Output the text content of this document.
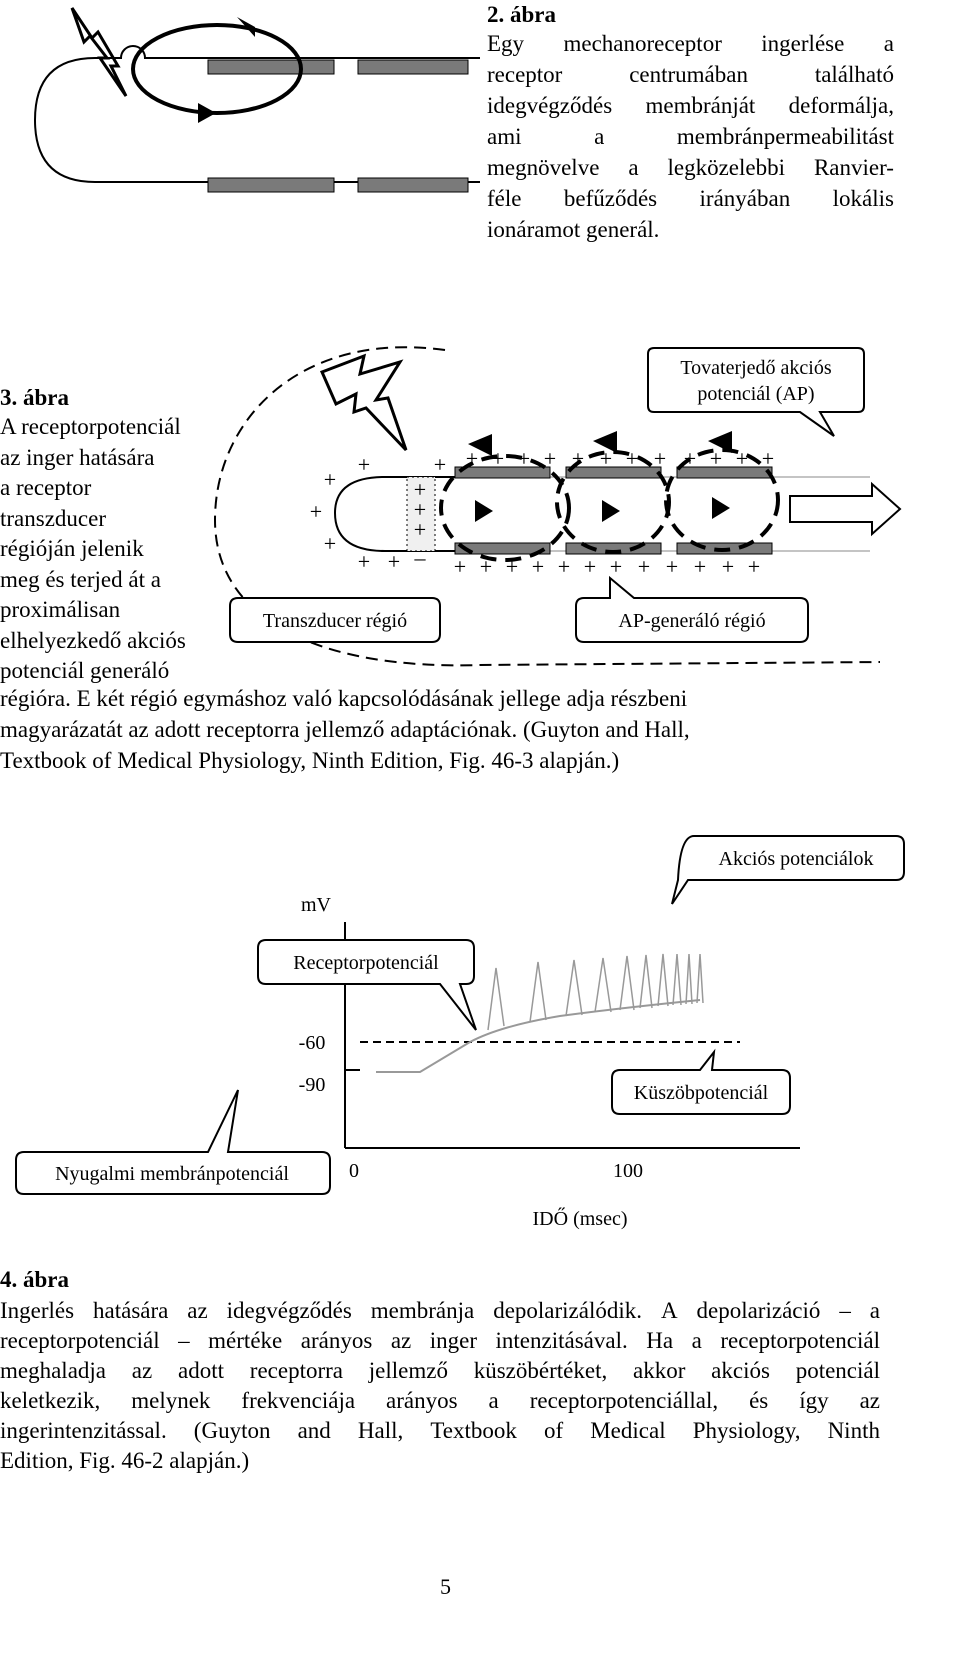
2. ábra
Egy mechanoreceptor ingerlése a
receptor	centrumában	található
idegvégződés membránját deformálja,
ami	a	membránpermeabilitást
megnövelve a legközelebbi Ranvier-
féle befűződés irányában lokális
ionáramot generál.
+
+
+
+
+ + –
+
+
+
+ + + + + + + + + + + + +
+ + + + + + + + + + + +
Tovaterjedő akciós
potenciál (AP)
Transzducer régió	AP-generáló régió
3. ábra
A receptorpotenciál
az inger hatására
a receptor
transzducer
régióján jelenik
meg és terjed át a
proximálisan
elhelyezkedő akciós
potenciál generáló
régióra. E két régió egymáshoz való kapcsolódásának jellege adja részbeni
magyarázatát az adott receptorra jellemző adaptációnak. (Guyton and Hall,
Textbook of Medical Physiology, Ninth Edition, Fig. 46-3 alapján.)
mV
-60
-90
0	100
IDŐ (msec)
Akciós potenciálok
Receptorpotenciál
Küszöbpotenciál
Nyugalmi membránpotenciál
4. ábra
Ingerlés hatására az idegvégződés membránja depolarizálódik. A depolarizáció – a
receptorpotenciál – mértéke arányos az inger intenzitásával. Ha a receptorpotenciál
meghaladja az adott receptorra jellemző küszöbértéket, akkor akciós potenciál
keletkezik, melynek frekvenciája arányos a receptorpotenciállal, és így az
ingerintenzitással. (Guyton and Hall, Textbook of Medical Physiology, Ninth
Edition, Fig. 46-2 alapján.)
5
